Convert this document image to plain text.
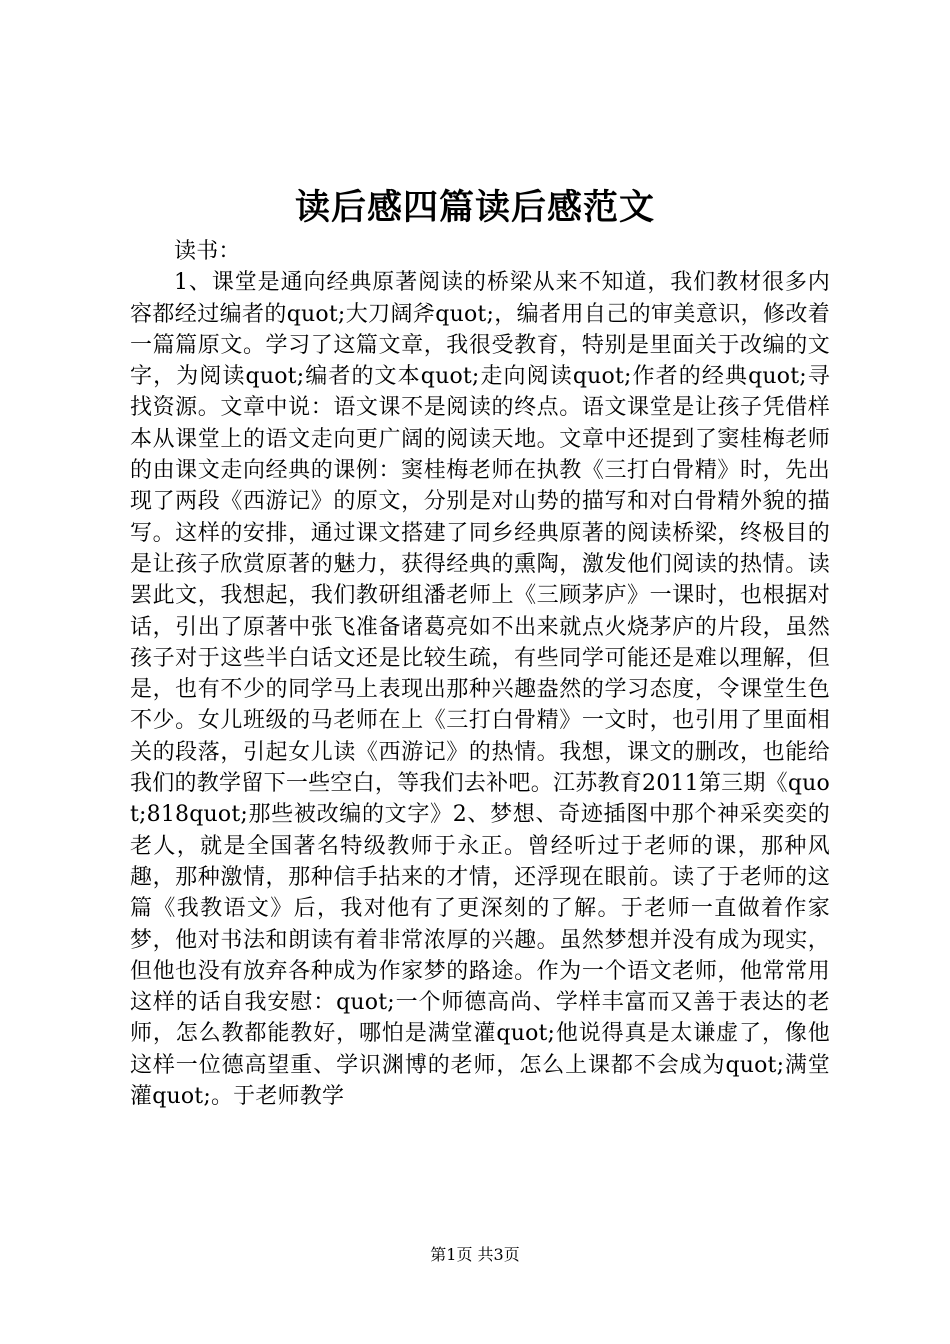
读后感四篇读后感范文

读书：

1、课堂是通向经典原著阅读的桥梁从来不知道，我们教材很多内容都经过编者的quot;大刀阔斧quot;，编者用自己的审美意识，修改着一篇篇原文。学习了这篇文章，我很受教育，特别是里面关于改编的文字，为阅读quot;编者的文本quot;走向阅读quot;作者的经典quot;寻找资源。文章中说：语文课不是阅读的终点。语文课堂是让孩子凭借样本从课堂上的语文走向更广阔的阅读天地。文章中还提到了窦桂梅老师的由课文走向经典的课例：窦桂梅老师在执教《三打白骨精》时，先出现了两段《西游记》的原文，分别是对山势的描写和对白骨精外貌的描写。这样的安排，通过课文搭建了同乡经典原著的阅读桥梁，终极目的是让孩子欣赏原著的魅力，获得经典的熏陶，激发他们阅读的热情。读罢此文，我想起，我们教研组潘老师上《三顾茅庐》一课时，也根据对话，引出了原著中张飞准备诸葛亮如不出来就点火烧茅庐的片段，虽然孩子对于这些半白话文还是比较生疏，有些同学可能还是难以理解，但是，也有不少的同学马上表现出那种兴趣盎然的学习态度，令课堂生色不少。女儿班级的马老师在上《三打白骨精》一文时，也引用了里面相关的段落，引起女儿读《西游记》的热情。我想，课文的删改，也能给我们的教学留下一些空白，等我们去补吧。江苏教育2011第三期《quot;818quot;那些被改编的文字》2、梦想、奇迹插图中那个神采奕奕的老人，就是全国著名特级教师于永正。曾经听过于老师的课，那种风趣，那种激情，那种信手拈来的才情，还浮现在眼前。读了于老师的这篇《我教语文》后，我对他有了更深刻的了解。于老师一直做着作家梦，他对书法和朗读有着非常浓厚的兴趣。虽然梦想并没有成为现实，但他也没有放弃各种成为作家梦的路途。作为一个语文老师，他常常用这样的话自我安慰：quot;一个师德高尚、学样丰富而又善于表达的老师，怎么教都能教好，哪怕是满堂灌quot;他说得真是太谦虚了，像他这样一位德高望重、学识渊博的老师，怎么上课都不会成为quot;满堂灌quot;。于老师教学

第1页 共3页
